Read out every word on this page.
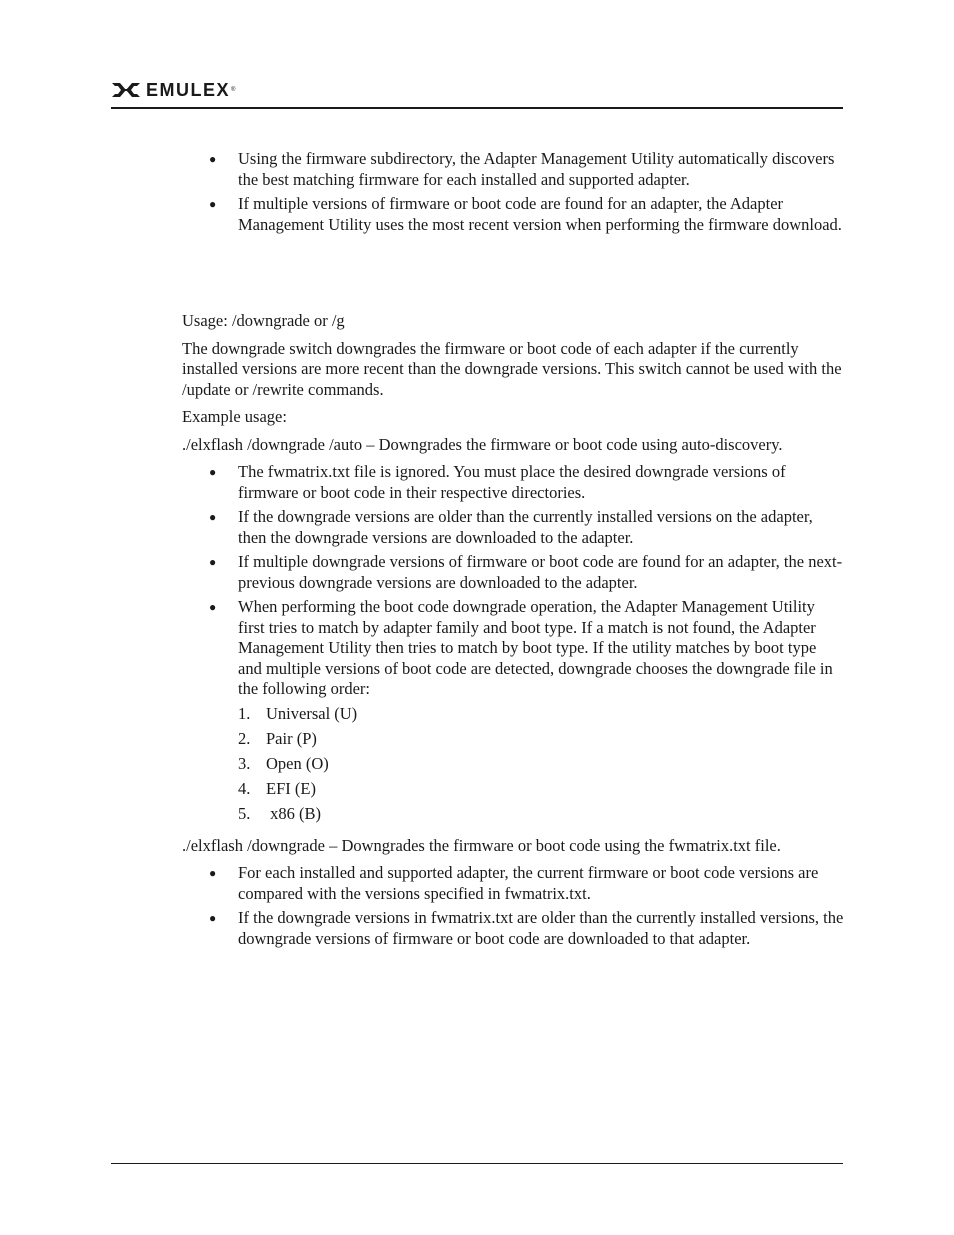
EMULEX ®
● Using the firmware subdirectory, the Adapter Management Utility automatically discovers the best matching firmware for each installed and supported adapter.
● If multiple versions of firmware or boot code are found for an adapter, the Adapter Management Utility uses the most recent version when performing the firmware download.

Usage: /downgrade or /g

The downgrade switch downgrades the firmware or boot code of each adapter if the currently installed versions are more recent than the downgrade versions. This switch cannot be used with the /update or /rewrite commands.

Example usage:

./elxflash /downgrade /auto – Downgrades the firmware or boot code using auto-discovery.

● The fwmatrix.txt file is ignored. You must place the desired downgrade versions of firmware or boot code in their respective directories.
● If the downgrade versions are older than the currently installed versions on the adapter, then the downgrade versions are downloaded to the adapter.
● If multiple downgrade versions of firmware or boot code are found for an adapter, the next-previous downgrade versions are downloaded to the adapter.
● When performing the boot code downgrade operation, the Adapter Management Utility first tries to match by adapter family and boot type. If a match is not found, the Adapter Management Utility then tries to match by boot type. If the utility matches by boot type and multiple versions of boot code are detected, downgrade chooses the downgrade file in the following order:
1. Universal (U)
2. Pair (P)
3. Open (O)
4. EFI (E)
5. x86 (B)

./elxflash /downgrade – Downgrades the firmware or boot code using the fwmatrix.txt file.

● For each installed and supported adapter, the current firmware or boot code versions are compared with the versions specified in fwmatrix.txt.
● If the downgrade versions in fwmatrix.txt are older than the currently installed versions, the downgrade versions of firmware or boot code are downloaded to that adapter.
